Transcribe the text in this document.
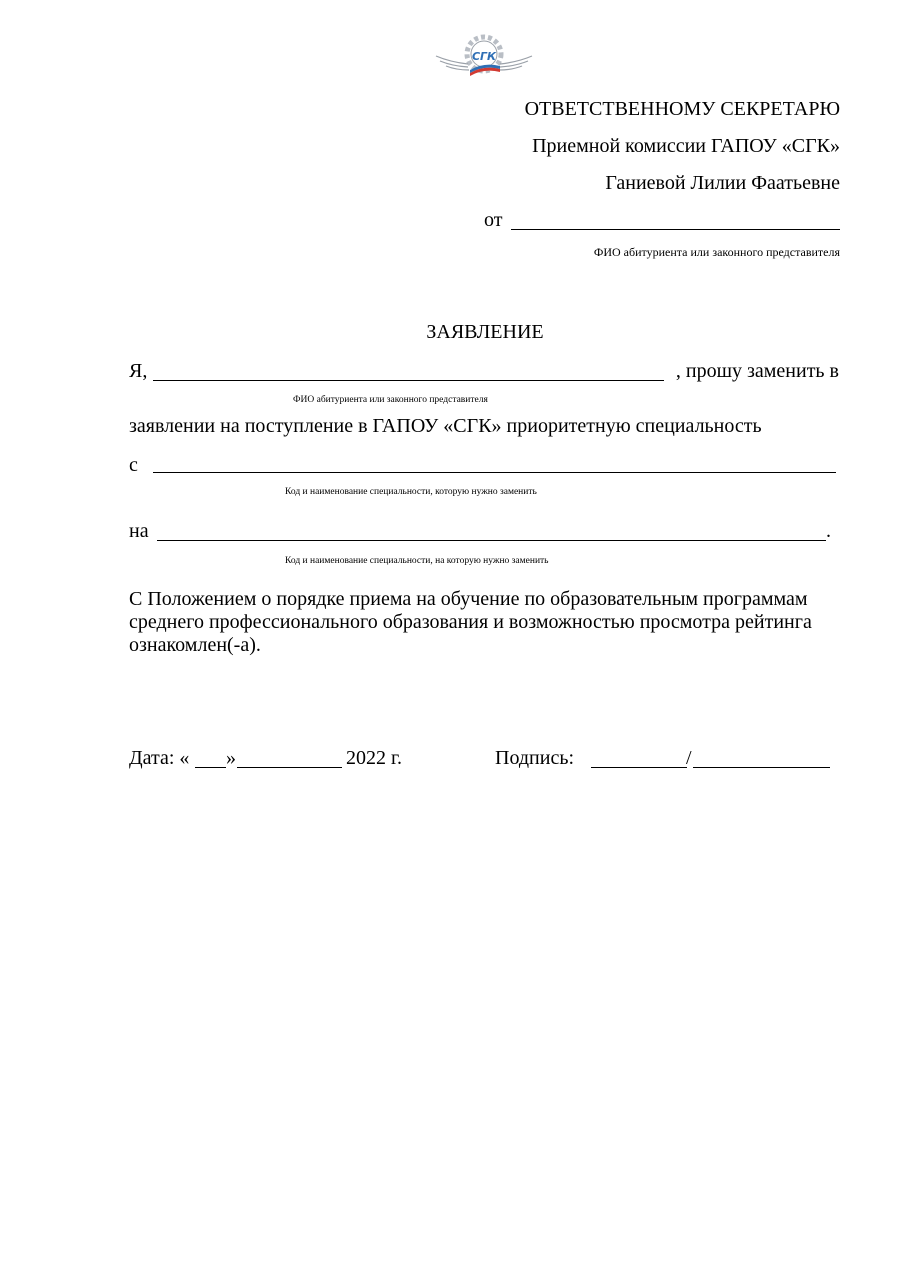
СГК
ОТВЕТСТВЕННОМУ СЕКРЕТАРЮ
Приемной комиссии ГАПОУ «СГК»
Ганиевой Лилии Фаатьевне
от
ФИО абитуриента или законного представителя
ЗАЯВЛЕНИЕ
Я,	, прошу заменить в
ФИО абитуриента или законного представителя
заявлении на поступление в ГАПОУ «СГК» приоритетную специальность
с
Код и наименование специальности, которую нужно заменить
на	.
Код и наименование специальности, на которую нужно заменить
С Положением о порядке приема на обучение по образовательным программам среднего профессионального образования и возможностью просмотра рейтинга ознакомлен(-а).
Дата: « »	2022 г.	Подпись:	/
